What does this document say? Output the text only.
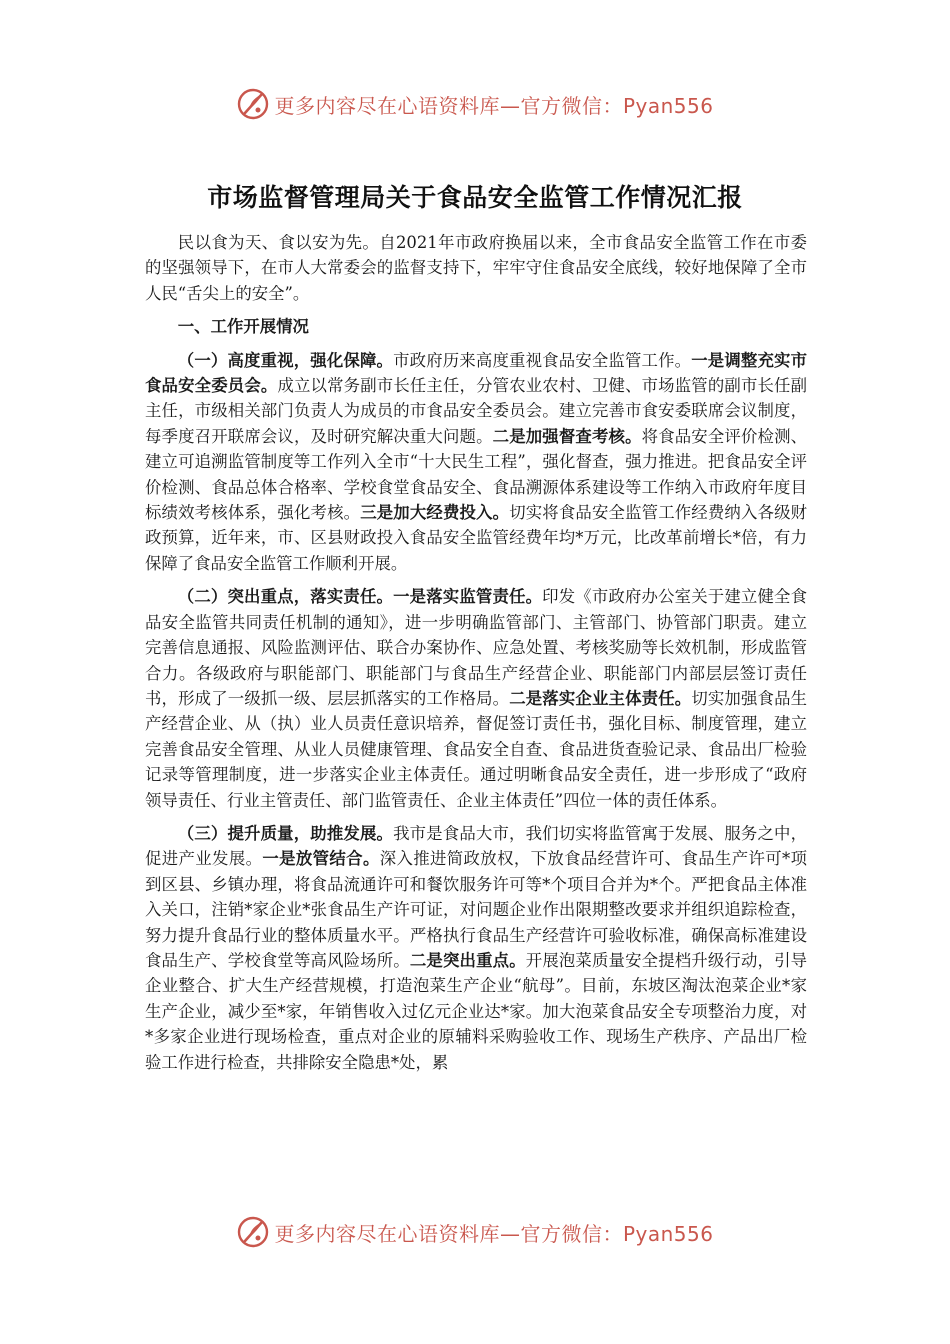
更多内容尽在心语资料库—官方微信：Pyan556
市场监督管理局关于食品安全监管工作情况汇报

民以食为天、食以安为先。自2021年市政府换届以来，全市食品安全监管工作在市委的坚强领导下，在市人大常委会的监督支持下，牢牢守住食品安全底线，较好地保障了全市人民“舌尖上的安全”。

一、工作开展情况

（一）高度重视，强化保障。市政府历来高度重视食品安全监管工作。一是调整充实市食品安全委员会。成立以常务副市长任主任，分管农业农村、卫健、市场监管的副市长任副主任，市级相关部门负责人为成员的市食品安全委员会。建立完善市食安委联席会议制度，每季度召开联席会议，及时研究解决重大问题。二是加强督查考核。将食品安全评价检测、建立可追溯监管制度等工作列入全市“十大民生工程”，强化督查，强力推进。把食品安全评价检测、食品总体合格率、学校食堂食品安全、食品溯源体系建设等工作纳入市政府年度目标绩效考核体系，强化考核。三是加大经费投入。切实将食品安全监管工作经费纳入各级财政预算，近年来，市、区县财政投入食品安全监管经费年均*万元，比改革前增长*倍，有力保障了食品安全监管工作顺利开展。

（二）突出重点，落实责任。一是落实监管责任。印发《市政府办公室关于建立健全食品安全监管共同责任机制的通知》，进一步明确监管部门、主管部门、协管部门职责。建立完善信息通报、风险监测评估、联合办案协作、应急处置、考核奖励等长效机制，形成监管合力。各级政府与职能部门、职能部门与食品生产经营企业、职能部门内部层层签订责任书，形成了一级抓一级、层层抓落实的工作格局。二是落实企业主体责任。切实加强食品生产经营企业、从（执）业人员责任意识培养，督促签订责任书，强化目标、制度管理，建立完善食品安全管理、从业人员健康管理、食品安全自查、食品进货查验记录、食品出厂检验记录等管理制度，进一步落实企业主体责任。通过明晰食品安全责任，进一步形成了“政府领导责任、行业主管责任、部门监管责任、企业主体责任”四位一体的责任体系。

（三）提升质量，助推发展。我市是食品大市，我们切实将监管寓于发展、服务之中，促进产业发展。一是放管结合。深入推进简政放权，下放食品经营许可、食品生产许可*项到区县、乡镇办理，将食品流通许可和餐饮服务许可等*个项目合并为*个。严把食品主体准入关口，注销*家企业*张食品生产许可证，对问题企业作出限期整改要求并组织追踪检查，努力提升食品行业的整体质量水平。严格执行食品生产经营许可验收标准，确保高标准建设食品生产、学校食堂等高风险场所。二是突出重点。开展泡菜质量安全提档升级行动，引导企业整合、扩大生产经营规模，打造泡菜生产企业“航母”。目前，东坡区淘汰泡菜企业*家生产企业，减少至*家，年销售收入过亿元企业达*家。加大泡菜食品安全专项整治力度，对*多家企业进行现场检查，重点对企业的原辅料采购验收工作、现场生产秩序、产品出厂检验工作进行检查，共排除安全隐患*处，累

更多内容尽在心语资料库—官方微信：Pyan556
